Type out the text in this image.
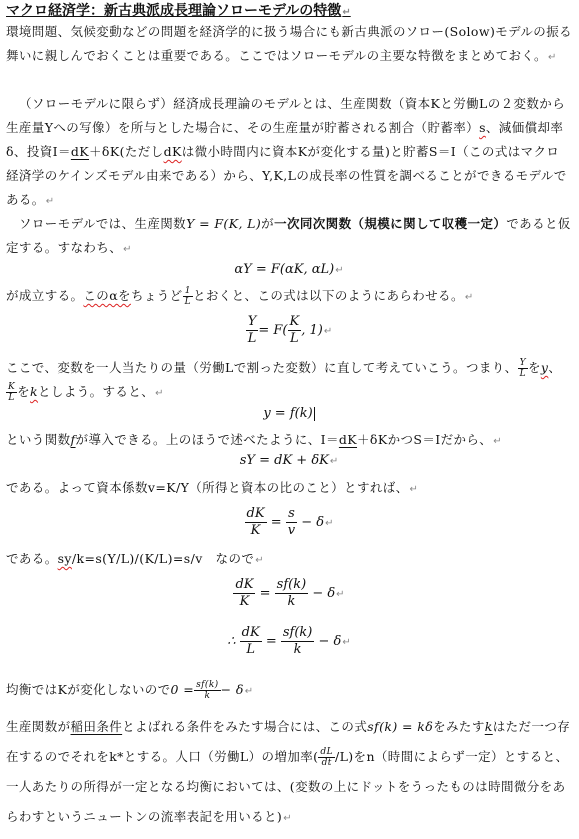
マクロ経済学：新古典派成長理論ソローモデルの特徴↵
環境問題、気候変動などの問題を経済学的に扱う場合にも新古典派のソロー(Solow)モデルの振る舞いに親しんでおくことは重要である。ここではソローモデルの主要な特徴をまとめておく。↵
（ソローモデルに限らず）経済成長理論のモデルとは、生産関数（資本Kと労働Lの２変数から生産量Yへの写像）を所与とした場合に、その生産量が貯蓄される割合（貯蓄率）s、減価償却率δ、投資I＝dK＋δK(ただしdKは微小時間内に資本Kが変化する量)と貯蓄S＝I（この式はマクロ経済学のケインズモデル由来である）から、Y,K,Lの成長率の性質を調べることができるモデルである。↵
ソローモデルでは、生産関数Y = F(K, L)が一次同次関数（規模に関して収穫一定）であると仮定する。すなわち、↵
αY = F(αK, αL)↵
が成立する。このαをちょうど $\frac{1}{L}$ とおくと、この式は以下のようにあらわせる。↵
$\frac{Y}{L} = F( \frac{K}{L}$ , 1)↵
ここで、変数を一人当たりの量（労働Lで割った変数）に直して考えていこう。つまり、 $\frac{Y}{L}$ をy、
$\frac{K}{L}$ をkとしよう。すると、↵
y = f(k)
という関数fが導入できる。上のほうで述べたように、I＝dK＋δKかつS＝Iだから、↵
sY = dK + δK↵
である。よって資本係数v=K/Y（所得と資本の比のこと）とすれば、↵
$\frac{dK}{K} = \frac{s}{v}$ − δ↵
である。sy/k=s(Y/L)/(K/L)=s/v　なので↵
$\frac{dK}{K} = \frac{sf(k)}{k}$ − δ↵
∴ $\frac{dK}{L} = \frac{sf(k)}{k}$ − δ↵
均衡ではKが変化しないので$0 = \frac{sf(k)}{k}$ − δ↵
生産関数が稲田条件とよばれる条件をみたす場合には、この式sf(k) = kδをみたすkはただ一つ存在するのでそれをk*とする。人口（労働L）の増加率( $\frac{dL}{dt} /L$)をn（時間によらず一定）とすると、一人あたりの所得が一定となる均衡においては、(変数の上にドットをうったものは時間微分をあらわすというニュートンの流率表記を用いると)↵
